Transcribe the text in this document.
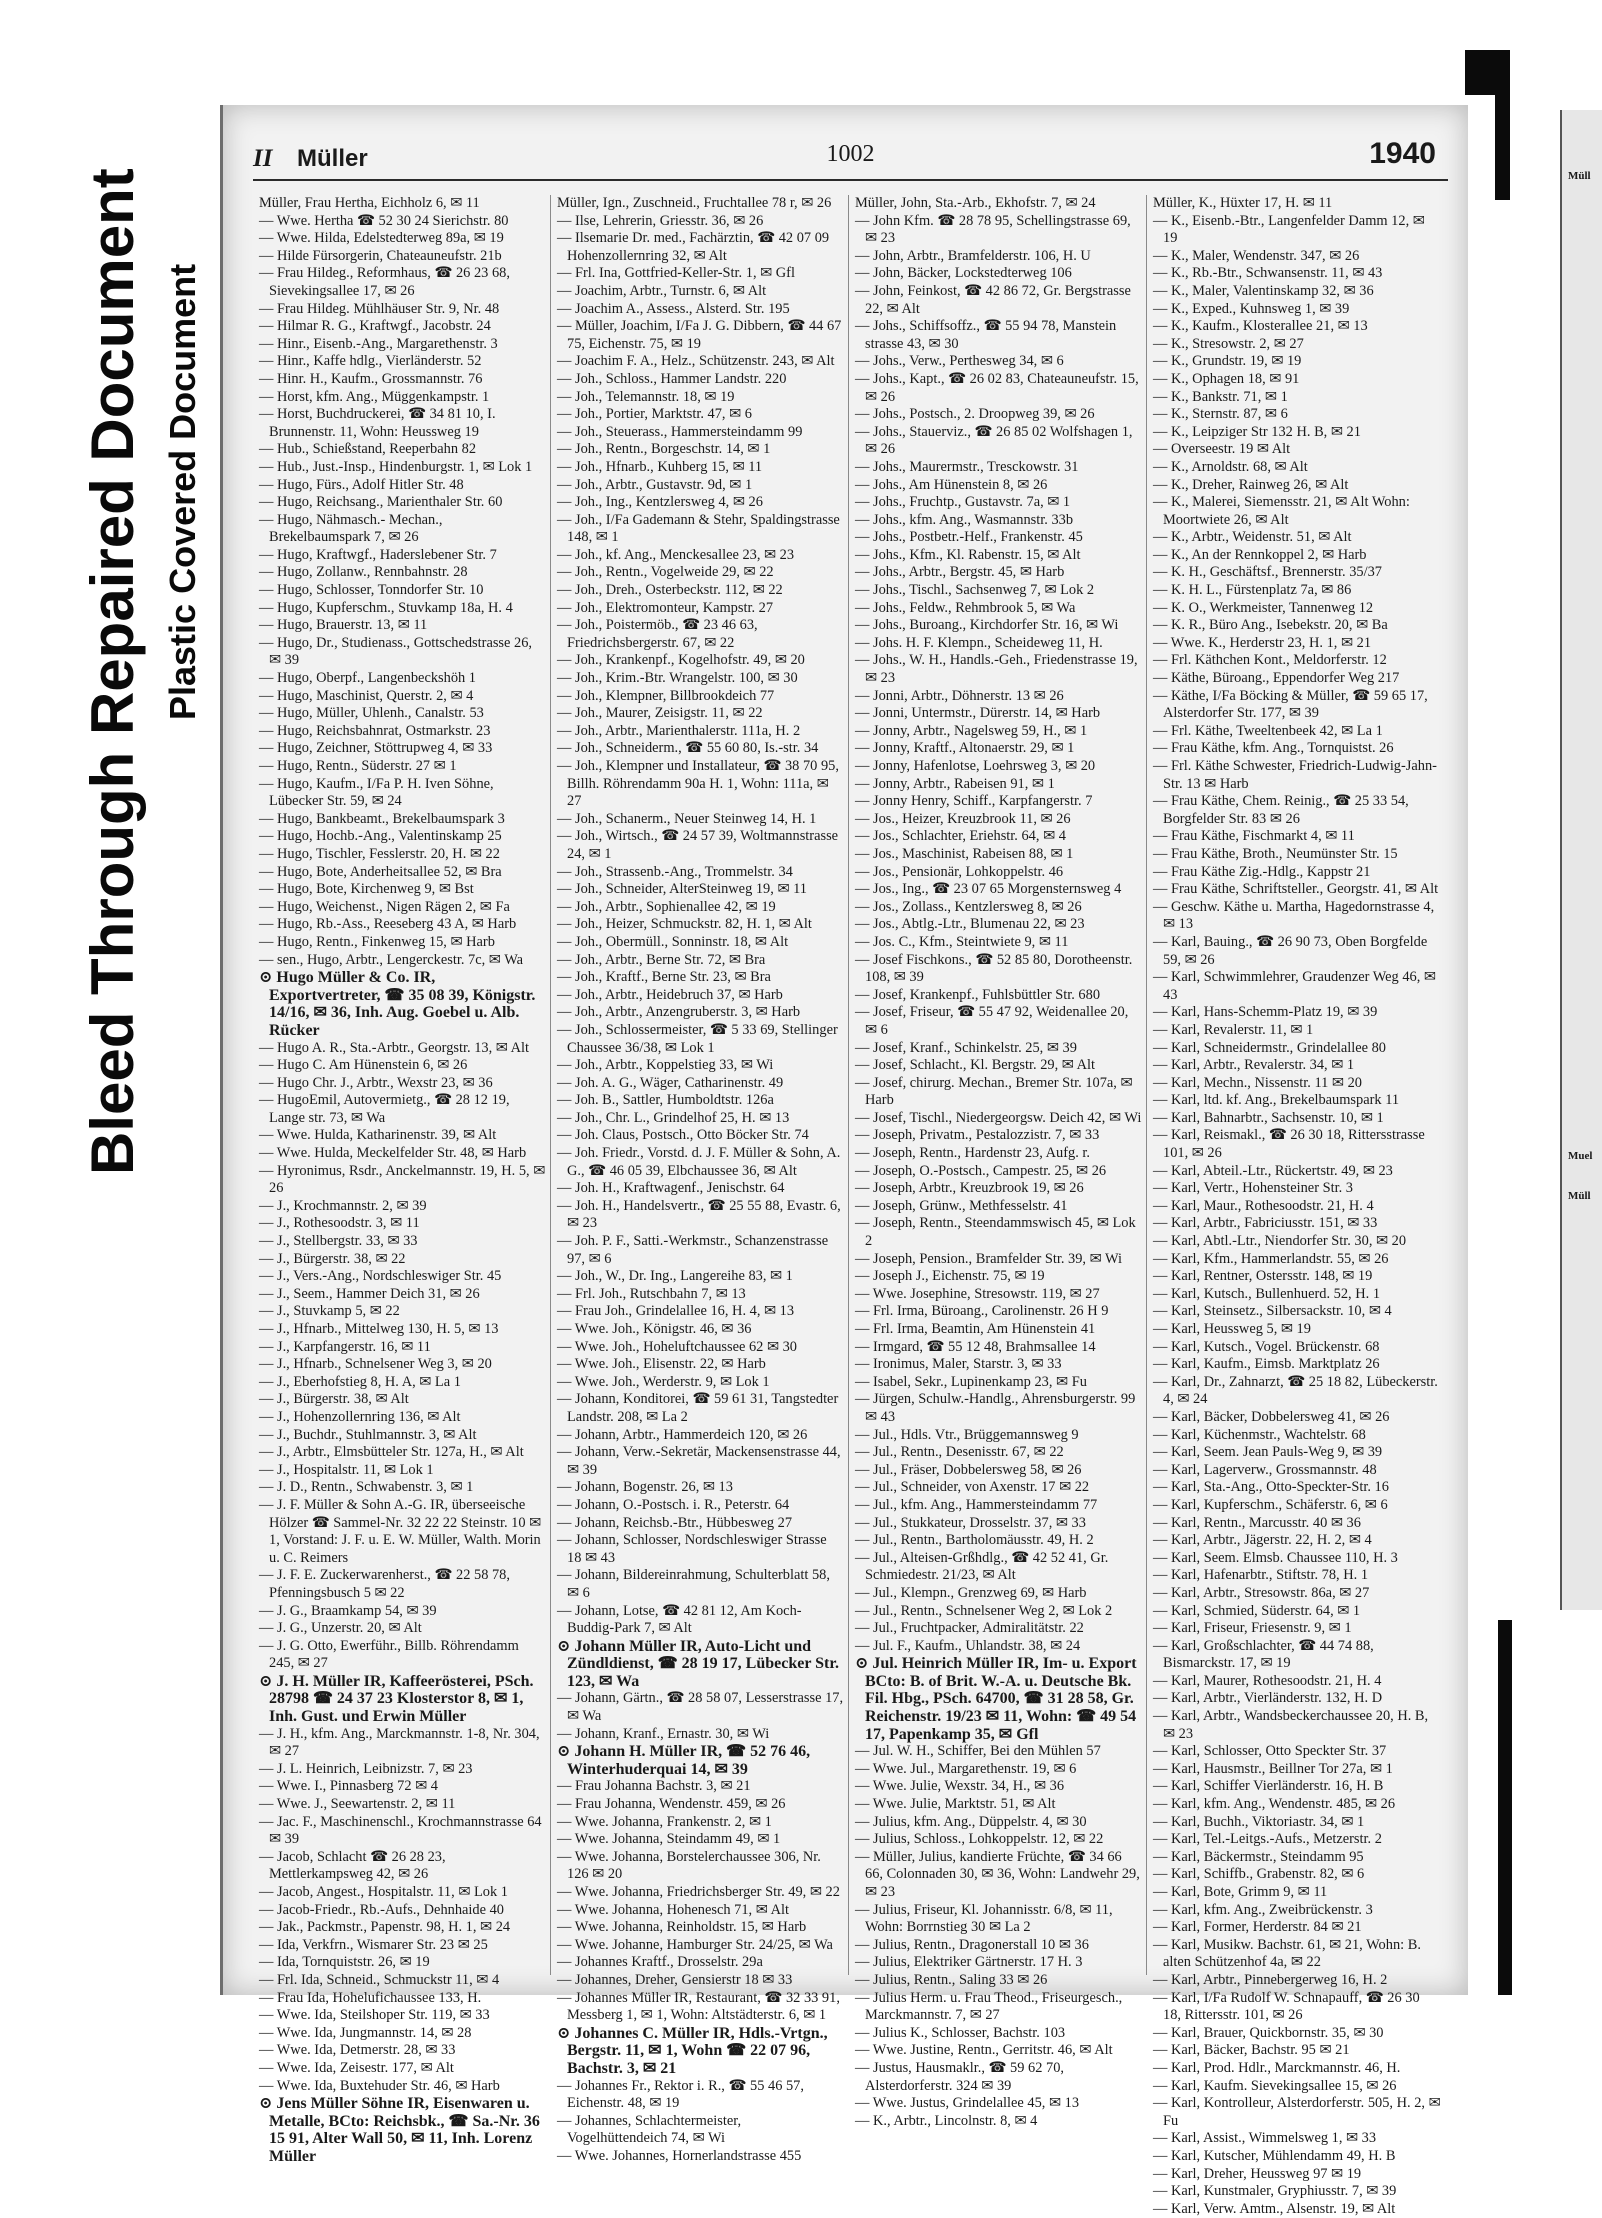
Bleed Through Repaired Document Plastic Covered Document
II Müller	1002	1940

Müller, Frau Hertha, Eichholz 6, ✉ 11

— Wwe. Hertha ☎ 52 30 24 Sierichstr. 80

— Wwe. Hilda, Edelstedterweg 89a, ✉ 19

— Hilde Fürsorgerin, Chateauneufstr. 21b

— Frau Hildeg., Reformhaus, ☎ 26 23 68, Sievekingsallee 17, ✉ 26

— Frau Hildeg. Mühlhäuser Str. 9, Nr. 48

— Hilmar R. G., Kraftwgf., Jacobstr. 24

— Hinr., Eisenb.-Ang., Margarethenstr. 3

— Hinr., Kaffe hdlg., Vierländerstr. 52

— Hinr. H., Kaufm., Grossmannstr. 76

— Horst, kfm. Ang., Müggenkampstr. 1

— Horst, Buchdruckerei, ☎ 34 81 10, I. Brunnenstr. 11, Wohn: Heussweg 19

— Hub., Schießstand, Reeperbahn 82

— Hub., Just.-Insp., Hindenburgstr. 1, ✉ Lok 1

— Hugo, Fürs., Adolf Hitler Str. 48

— Hugo, Reichsang., Marienthaler Str. 60

— Hugo, Nähmasch.- Mechan., Brekelbaumspark 7, ✉ 26

— Hugo, Kraftwgf., Haderslebener Str. 7

— Hugo, Zollanw., Rennbahnstr. 28

— Hugo, Schlosser, Tonndorfer Str. 10

— Hugo, Kupferschm., Stuvkamp 18a, H. 4

— Hugo, Brauerstr. 13, ✉ 11

— Hugo, Dr., Studienass., Gottschedstrasse 26, ✉ 39

— Hugo, Oberpf., Langenbeckshöh 1

— Hugo, Maschinist, Querstr. 2, ✉ 4

— Hugo, Müller, Uhlenh., Canalstr. 53

— Hugo, Reichsbahnrat, Ostmarkstr. 23

— Hugo, Zeichner, Stöttrupweg 4, ✉ 33

— Hugo, Rentn., Süderstr. 27 ✉ 1

— Hugo, Kaufm., I/Fa P. H. Iven Söhne, Lübecker Str. 59, ✉ 24

— Hugo, Bankbeamt., Brekelbaumspark 3

— Hugo, Hochb.-Ang., Valentinskamp 25

— Hugo, Tischler, Fesslerstr. 20, H. ✉ 22

— Hugo, Bote, Anderheitsallee 52, ✉ Bra

— Hugo, Bote, Kirchenweg 9, ✉ Bst

— Hugo, Weichenst., Nigen Rägen 2, ✉ Fa

— Hugo, Rb.-Ass., Reeseberg 43 A, ✉ Harb

— Hugo, Rentn., Finkenweg 15, ✉ Harb

— sen., Hugo, Arbtr., Lengerckestr. 7c, ✉ Wa

⊙ Hugo Müller & Co. IR, Exportvertreter, ☎ 35 08 39, Königstr. 14/16, ✉ 36, Inh. Aug. Goebel u. Alb. Rücker

— Hugo A. R., Sta.-Arbtr., Georgstr. 13, ✉ Alt

— Hugo C. Am Hünenstein 6, ✉ 26

— Hugo Chr. J., Arbtr., Wexstr 23, ✉ 36

— HugoEmil, Autovermietg., ☎ 28 12 19, Lange str. 73, ✉ Wa

— Wwe. Hulda, Katharinenstr. 39, ✉ Alt

— Wwe. Hulda, Meckelfelder Str. 48, ✉ Harb

— Hyronimus, Rsdr., Anckelmannstr. 19, H. 5, ✉ 26

— J., Krochmannstr. 2, ✉ 39

— J., Rothesoodstr. 3, ✉ 11

— J., Stellbergstr. 33, ✉ 33

— J., Bürgerstr. 38, ✉ 22

— J., Vers.-Ang., Nordschleswiger Str. 45

— J., Seem., Hammer Deich 31, ✉ 26

— J., Stuvkamp 5, ✉ 22

— J., Hfnarb., Mittelweg 130, H. 5, ✉ 13

— J., Karpfangerstr. 16, ✉ 11

— J., Hfnarb., Schnelsener Weg 3, ✉ 20

— J., Eberhofstieg 8, H. A, ✉ La 1

— J., Bürgerstr. 38, ✉ Alt

— J., Hohenzollernring 136, ✉ Alt

— J., Buchdr., Stuhlmannstr. 3, ✉ Alt

— J., Arbtr., Elmsbütteler Str. 127a, H., ✉ Alt

— J., Hospitalstr. 11, ✉ Lok 1

— J. D., Rentn., Schwabenstr. 3, ✉ 1

— J. F. Müller & Sohn A.-G. IR, überseeische Hölzer ☎ Sammel-Nr. 32 22 22 Steinstr. 10 ✉ 1, Vorstand: J. F. u. E. W. Müller, Walth. Morin u. C. Reimers

— J. F. E. Zuckerwarenherst., ☎ 22 58 78, Pfenningsbusch 5 ✉ 22

— J. G., Braamkamp 54, ✉ 39

— J. G., Unzerstr. 20, ✉ Alt

— J. G. Otto, Ewerführ., Billb. Röhrendamm 245, ✉ 27

⊙ J. H. Müller IR, Kaffeerösterei, PSch. 28798 ☎ 24 37 23 Klosterstor 8, ✉ 1, Inh. Gust. und Erwin Müller

— J. H., kfm. Ang., Marckmannstr. 1-8, Nr. 304, ✉ 27

— J. L. Heinrich, Leibnizstr. 7, ✉ 23

— Wwe. I., Pinnasberg 72 ✉ 4

— Wwe. J., Seewartenstr. 2, ✉ 11

— Jac. F., Maschinenschl., Krochmannstrasse 64 ✉ 39

— Jacob, Schlacht ☎ 26 28 23, Mettlerkampsweg 42, ✉ 26

— Jacob, Angest., Hospitalstr. 11, ✉ Lok 1

— Jacob-Friedr., Rb.-Aufs., Dehnhaide 40

— Jak., Packmstr., Papenstr. 98, H. 1, ✉ 24

— Ida, Verkfrn., Wismarer Str. 23 ✉ 25

— Ida, Tornquiststr. 26, ✉ 19

— Frl. Ida, Schneid., Schmuckstr 11, ✉ 4

— Frau Ida, Hohelufichaussee 133, H.

— Wwe. Ida, Steilshoper Str. 119, ✉ 33

— Wwe. Ida, Jungmannstr. 14, ✉ 28

— Wwe. Ida, Detmerstr. 28, ✉ 33

— Wwe. Ida, Zeisestr. 177, ✉ Alt

— Wwe. Ida, Buxtehuder Str. 46, ✉ Harb

⊙ Jens Müller Söhne IR, Eisenwaren u. Metalle, BCto: Reichsbk., ☎ Sa.-Nr. 36 15 91, Alter Wall 50, ✉ 11, Inh. Lorenz Müller

Müller, Ign., Zuschneid., Fruchtallee 78 r, ✉ 26

— Ilse, Lehrerin, Griesstr. 36, ✉ 26

— Ilsemarie Dr. med., Fachärztin, ☎ 42 07 09 Hohenzollernring 32, ✉ Alt

— Frl. Ina, Gottfried-Keller-Str. 1, ✉ Gfl

— Joachim, Arbtr., Turnstr. 6, ✉ Alt

— Joachim A., Assess., Alsterd. Str. 195

— Müller, Joachim, I/Fa J. G. Dibbern, ☎ 44 67 75, Eichenstr. 75, ✉ 19

— Joachim F. A., Helz., Schützenstr. 243, ✉ Alt

— Joh., Schloss., Hammer Landstr. 220

— Joh., Telemannstr. 18, ✉ 19

— Joh., Portier, Marktstr. 47, ✉ 6

— Joh., Steuerass., Hammersteindamm 99

— Joh., Rentn., Borgeschstr. 14, ✉ 1

— Joh., Hfnarb., Kuhberg 15, ✉ 11

— Joh., Arbtr., Gustavstr. 9d, ✉ 1

— Joh., Ing., Kentzlersweg 4, ✉ 26

— Joh., I/Fa Gademann & Stehr, Spaldingstrasse 148, ✉ 1

— Joh., kf. Ang., Menckesallee 23, ✉ 23

— Joh., Rentn., Vogelweide 29, ✉ 22

— Joh., Dreh., Osterbeckstr. 112, ✉ 22

— Joh., Elektromonteur, Kampstr. 27

— Joh., Poistermöb., ☎ 23 46 63, Friedrichsbergerstr. 67, ✉ 22

— Joh., Krankenpf., Kogelhofstr. 49, ✉ 20

— Joh., Krim.-Btr. Wrangelstr. 100, ✉ 30

— Joh., Klempner, Billbrookdeich 77

— Joh., Maurer, Zeisigstr. 11, ✉ 22

— Joh., Arbtr., Marienthalerstr. 111a, H. 2

— Joh., Schneiderm., ☎ 55 60 80, Is.-str. 34

— Joh., Klempner und Installateur, ☎ 38 70 95, Billh. Röhrendamm 90a H. 1, Wohn: 111a, ✉ 27

— Joh., Schanerm., Neuer Steinweg 14, H. 1

— Joh., Wirtsch., ☎ 24 57 39, Woltmannstrasse 24, ✉ 1

— Joh., Strassenb.-Ang., Trommelstr. 34

— Joh., Schneider, AlterSteinweg 19, ✉ 11

— Joh., Arbtr., Sophienallee 42, ✉ 19

— Joh., Heizer, Schmuckstr. 82, H. 1, ✉ Alt

— Joh., Obermüll., Sonninstr. 18, ✉ Alt

— Joh., Arbtr., Berne Str. 72, ✉ Bra

— Joh., Kraftf., Berne Str. 23, ✉ Bra

— Joh., Arbtr., Heidebruch 37, ✉ Harb

— Joh., Arbtr., Anzengruberstr. 3, ✉ Harb

— Joh., Schlossermeister, ☎ 5 33 69, Stellinger Chaussee 36/38, ✉ Lok 1

— Joh., Arbtr., Koppelstieg 33, ✉ Wi

— Joh. A. G., Wäger, Catharinenstr. 49

— Joh. B., Sattler, Humboldtstr. 126a

— Joh., Chr. L., Grindelhof 25, H. ✉ 13

— Joh. Claus, Postsch., Otto Böcker Str. 74

— Joh. Friedr., Vorstd. d. J. F. Müller & Sohn, A. G., ☎ 46 05 39, Elbchaussee 36, ✉ Alt

— Joh. H., Kraftwagenf., Jenischstr. 64

— Joh. H., Handelsvertr., ☎ 25 55 88, Evastr. 6, ✉ 23

— Joh. P. F., Satti.-Werkmstr., Schanzenstrasse 97, ✉ 6

— Joh., W., Dr. Ing., Langereihe 83, ✉ 1

— Frl. Joh., Rutschbahn 7, ✉ 13

— Frau Joh., Grindelallee 16, H. 4, ✉ 13

— Wwe. Joh., Königstr. 46, ✉ 36

— Wwe. Joh., Hoheluftchaussee 62 ✉ 30

— Wwe. Joh., Elisenstr. 22, ✉ Harb

— Wwe. Joh., Werderstr. 9, ✉ Lok 1

— Johann, Konditorei, ☎ 59 61 31, Tangstedter Landstr. 208, ✉ La 2

— Johann, Arbtr., Hammerdeich 120, ✉ 26

— Johann, Verw.-Sekretär, Mackensenstrasse 44, ✉ 39

— Johann, Bogenstr. 26, ✉ 13

— Johann, O.-Postsch. i. R., Peterstr. 64

— Johann, Reichsb.-Btr., Hübbesweg 27

— Johann, Schlosser, Nordschleswiger Strasse 18 ✉ 43

— Johann, Bildereinrahmung, Schulterblatt 58, ✉ 6

— Johann, Lotse, ☎ 42 81 12, Am Koch-Buddig-Park 7, ✉ Alt

⊙ Johann Müller IR, Auto-Licht und Zündldienst, ☎ 28 19 17, Lübecker Str. 123, ✉ Wa

— Johann, Gärtn., ☎ 28 58 07, Lesserstrasse 17, ✉ Wa

— Johann, Kranf., Ernastr. 30, ✉ Wi

⊙ Johann H. Müller IR, ☎ 52 76 46, Winterhuderquai 14, ✉ 39

— Frau Johanna Bachstr. 3, ✉ 21

— Frau Johanna, Wendenstr. 459, ✉ 26

— Wwe. Johanna, Frankenstr. 2, ✉ 1

— Wwe. Johanna, Steindamm 49, ✉ 1

— Wwe. Johanna, Borstelerchaussee 306, Nr. 126 ✉ 20

— Wwe. Johanna, Friedrichsberger Str. 49, ✉ 22

— Wwe. Johanna, Hohenesch 71, ✉ Alt

— Wwe. Johanna, Reinholdstr. 15, ✉ Harb

— Wwe. Johanne, Hamburger Str. 24/25, ✉ Wa

— Johannes Kraftf., Drosselstr. 29a

— Johannes, Dreher, Gensierstr 18 ✉ 33

— Johannes Müller IR, Restaurant, ☎ 32 33 91, Messberg 1, ✉ 1, Wohn: Altstädterstr. 6, ✉ 1

⊙ Johannes C. Müller IR, Hdls.-Vrtgn., Bergstr. 11, ✉ 1, Wohn ☎ 22 07 96, Bachstr. 3, ✉ 21

— Johannes Fr., Rektor i. R., ☎ 55 46 57, Eichenstr. 48, ✉ 19

— Johannes, Schlachtermeister, Vogelhüttendeich 74, ✉ Wi

— Wwe. Johannes, Hornerlandstrasse 455

Müller, John, Sta.-Arb., Ekhofstr. 7, ✉ 24

— John Kfm. ☎ 28 78 95, Schellingstrasse 69, ✉ 23

— John, Arbtr., Bramfelderstr. 106, H. U

— John, Bäcker, Lockstedterweg 106

— John, Feinkost, ☎ 42 86 72, Gr. Bergstrasse 22, ✉ Alt

— Johs., Schiffsoffz., ☎ 55 94 78, Manstein strasse 43, ✉ 30

— Johs., Verw., Perthesweg 34, ✉ 6

— Johs., Kapt., ☎ 26 02 83, Chateauneufstr. 15, ✉ 26

— Johs., Postsch., 2. Droopweg 39, ✉ 26

— Johs., Stauerviz., ☎ 26 85 02 Wolfshagen 1, ✉ 26

— Johs., Maurermstr., Tresckowstr. 31

— Johs., Am Hünenstein 8, ✉ 26

— Johs., Fruchtp., Gustavstr. 7a, ✉ 1

— Johs., kfm. Ang., Wasmannstr. 33b

— Johs., Postbetr.-Helf., Frankenstr. 45

— Johs., Kfm., Kl. Rabenstr. 15, ✉ Alt

— Johs., Arbtr., Bergstr. 45, ✉ Harb

— Johs., Tischl., Sachsenweg 7, ✉ Lok 2

— Johs., Feldw., Rehmbrook 5, ✉ Wa

— Johs., Buroang., Kirchdorfer Str. 16, ✉ Wi

— Johs. H. F. Klempn., Scheideweg 11, H.

— Johs., W. H., Handls.-Geh., Friedenstrasse 19, ✉ 23

— Jonni, Arbtr., Döhnerstr. 13 ✉ 26

— Jonni, Untermstr., Dürerstr. 14, ✉ Harb

— Jonny, Arbtr., Nagelsweg 59, H., ✉ 1

— Jonny, Kraftf., Altonaerstr. 29, ✉ 1

— Jonny, Hafenlotse, Loehrsweg 3, ✉ 20

— Jonny, Arbtr., Rabeisen 91, ✉ 1

— Jonny Henry, Schiff., Karpfangerstr. 7

— Jos., Heizer, Kreuzbrook 11, ✉ 26

— Jos., Schlachter, Eriehstr. 64, ✉ 4

— Jos., Maschinist, Rabeisen 88, ✉ 1

— Jos., Pensionär, Lohkoppelstr. 46

— Jos., Ing., ☎ 23 07 65 Morgensternsweg 4

— Jos., Zollass., Kentzlersweg 8, ✉ 26

— Jos., Abtlg.-Ltr., Blumenau 22, ✉ 23

— Jos. C., Kfm., Steintwiete 9, ✉ 11

— Josef Fischkons., ☎ 52 85 80, Dorotheenstr. 108, ✉ 39

— Josef, Krankenpf., Fuhlsbüttler Str. 680

— Josef, Friseur, ☎ 55 47 92, Weidenallee 20, ✉ 6

— Josef, Kranf., Schinkelstr. 25, ✉ 39

— Josef, Schlacht., Kl. Bergstr. 29, ✉ Alt

— Josef, chirurg. Mechan., Bremer Str. 107a, ✉ Harb

— Josef, Tischl., Niedergeorgsw. Deich 42, ✉ Wi

— Joseph, Privatm., Pestalozzistr. 7, ✉ 33

— Joseph, Rentn., Hardenstr 23, Aufg. r.

— Joseph, O.-Postsch., Campestr. 25, ✉ 26

— Joseph, Arbtr., Kreuzbrook 19, ✉ 26

— Joseph, Grünw., Methfesselstr. 41

— Joseph, Rentn., Steendammswisch 45, ✉ Lok 2

— Joseph, Pension., Bramfelder Str. 39, ✉ Wi

— Joseph J., Eichenstr. 75, ✉ 19

— Wwe. Josephine, Stresowstr. 119, ✉ 27

— Frl. Irma, Büroang., Carolinenstr. 26 H 9

— Frl. Irma, Beamtin, Am Hünenstein 41

— Irmgard, ☎ 55 12 48, Brahmsallee 14

— Ironimus, Maler, Starstr. 3, ✉ 33

— Isabel, Sekr., Lupinenkamp 23, ✉ Fu

— Jürgen, Schulw.-Handlg., Ahrensburgerstr. 99 ✉ 43

— Jul., Hdls. Vtr., Brüggemannsweg 9

— Jul., Rentn., Desenisstr. 67, ✉ 22

— Jul., Fräser, Dobbelersweg 58, ✉ 26

— Jul., Schneider, von Axenstr. 17 ✉ 22

— Jul., kfm. Ang., Hammersteindamm 77

— Jul., Stukkateur, Drosselstr. 37, ✉ 33

— Jul., Rentn., Bartholomäusstr. 49, H. 2

— Jul., Alteisen-Grßhdlg., ☎ 42 52 41, Gr. Schmiedestr. 21/23, ✉ Alt

— Jul., Klempn., Grenzweg 69, ✉ Harb

— Jul., Rentn., Schnelsener Weg 2, ✉ Lok 2

— Jul., Fruchtpacker, Admiralitätstr. 22

— Jul. F., Kaufm., Uhlandstr. 38, ✉ 24

⊙ Jul. Heinrich Müller IR, Im- u. Export BCto: B. of Brit. W.-A. u. Deutsche Bk. Fil. Hbg., PSch. 64700, ☎ 31 28 58, Gr. Reichenstr. 19/23 ✉ 11, Wohn: ☎ 49 54 17, Papenkamp 35, ✉ Gfl

— Jul. W. H., Schiffer, Bei den Mühlen 57

— Wwe. Jul., Margarethenstr. 19, ✉ 6

— Wwe. Julie, Wexstr. 34, H., ✉ 36

— Wwe. Julie, Marktstr. 51, ✉ Alt

— Julius, kfm. Ang., Düppelstr. 4, ✉ 30

— Julius, Schloss., Lohkoppelstr. 12, ✉ 22

— Müller, Julius, kandierte Früchte, ☎ 34 66 66, Colonnaden 30, ✉ 36, Wohn: Landwehr 29, ✉ 23

— Julius, Friseur, Kl. Johannisstr. 6/8, ✉ 11, Wohn: Borrnstieg 30 ✉ La 2

— Julius, Rentn., Dragonerstall 10 ✉ 36

— Julius, Elektriker Gärtnerstr. 17 H. 3

— Julius, Rentn., Saling 33 ✉ 26

— Julius Herm. u. Frau Theod., Friseurgesch., Marckmannstr. 7, ✉ 27

— Julius K., Schlosser, Bachstr. 103

— Wwe. Justine, Rentn., Gerritstr. 46, ✉ Alt

— Justus, Hausmaklr., ☎ 59 62 70, Alsterdorferstr. 324 ✉ 39

— Wwe. Justus, Grindelallee 45, ✉ 13

— K., Arbtr., Lincolnstr. 8, ✉ 4

Müller, K., Hüxter 17, H. ✉ 11

— K., Eisenb.-Btr., Langenfelder Damm 12, ✉ 19

— K., Maler, Wendenstr. 347, ✉ 26

— K., Rb.-Btr., Schwansenstr. 11, ✉ 43

— K., Maler, Valentinskamp 32, ✉ 36

— K., Exped., Kuhnsweg 1, ✉ 39

— K., Kaufm., Klosterallee 21, ✉ 13

— K., Stresowstr. 2, ✉ 27

— K., Grundstr. 19, ✉ 19

— K., Ophagen 18, ✉ 91

— K., Bankstr. 71, ✉ 1

— K., Sternstr. 87, ✉ 6

— K., Leipziger Str 132 H. B, ✉ 21

— Overseestr. 19 ✉ Alt

— K., Arnoldstr. 68, ✉ Alt

— K., Dreher, Rainweg 26, ✉ Alt

— K., Malerei, Siemensstr. 21, ✉ Alt Wohn: Moortwiete 26, ✉ Alt

— K., Arbtr., Weidenstr. 51, ✉ Alt

— K., An der Rennkoppel 2, ✉ Harb

— K. H., Geschäftsf., Brennerstr. 35/37

— K. H. L., Fürstenplatz 7a, ✉ 86

— K. O., Werkmeister, Tannenweg 12

— K. R., Büro Ang., Isebekstr. 20, ✉ Ba

— Wwe. K., Herderstr 23, H. 1, ✉ 21

— Frl. Käthchen Kont., Meldorferstr. 12

— Käthe, Büroang., Eppendorfer Weg 217

— Käthe, I/Fa Böcking & Müller, ☎ 59 65 17, Alsterdorfer Str. 177, ✉ 39

— Frl. Käthe, Tweeltenbeek 42, ✉ La 1

— Frau Käthe, kfm. Ang., Tornquistst. 26

— Frl. Käthe Schwester, Friedrich-Ludwig-Jahn-Str. 13 ✉ Harb

— Frau Käthe, Chem. Reinig., ☎ 25 33 54, Borgfelder Str. 83 ✉ 26

— Frau Käthe, Fischmarkt 4, ✉ 11

— Frau Käthe, Broth., Neumünster Str. 15

— Frau Käthe Zig.-Hdlg., Kappstr 21

— Frau Käthe, Schriftsteller., Georgstr. 41, ✉ Alt

— Geschw. Käthe u. Martha, Hagedornstrasse 4, ✉ 13

— Karl, Bauing., ☎ 26 90 73, Oben Borgfelde 59, ✉ 26

— Karl, Schwimmlehrer, Graudenzer Weg 46, ✉ 43

— Karl, Hans-Schemm-Platz 19, ✉ 39

— Karl, Revalerstr. 11, ✉ 1

— Karl, Schneidermstr., Grindelallee 80

— Karl, Arbtr., Revalerstr. 34, ✉ 1

— Karl, Mechn., Nissenstr. 11 ✉ 20

— Karl, ltd. kf. Ang., Brekelbaumspark 11

— Karl, Bahnarbtr., Sachsenstr. 10, ✉ 1

— Karl, Reismakl., ☎ 26 30 18, Rittersstrasse 101, ✉ 26

— Karl, Abteil.-Ltr., Rückertstr. 49, ✉ 23

— Karl, Vertr., Hohensteiner Str. 3

— Karl, Maur., Rothesoodstr. 21, H. 4

— Karl, Arbtr., Fabriciusstr. 151, ✉ 33

— Karl, Abtl.-Ltr., Niendorfer Str. 30, ✉ 20

— Karl, Kfm., Hammerlandstr. 55, ✉ 26

— Karl, Rentner, Ostersstr. 148, ✉ 19

— Karl, Kutsch., Bullenhuerd. 52, H. 1

— Karl, Steinsetz., Silbersackstr. 10, ✉ 4

— Karl, Heussweg 5, ✉ 19

— Karl, Kutsch., Vogel. Brückenstr. 68

— Karl, Kaufm., Eimsb. Marktplatz 26

— Karl, Dr., Zahnarzt, ☎ 25 18 82, Lübeckerstr. 4, ✉ 24

— Karl, Bäcker, Dobbelersweg 41, ✉ 26

— Karl, Küchenmstr., Wachtelstr. 68

— Karl, Seem. Jean Pauls-Weg 9, ✉ 39

— Karl, Lagerverw., Grossmannstr. 48

— Karl, Sta.-Ang., Otto-Speckter-Str. 16

— Karl, Kupferschm., Schäferstr. 6, ✉ 6

— Karl, Rentn., Marcusstr. 40 ✉ 36

— Karl, Arbtr., Jägerstr. 22, H. 2, ✉ 4

— Karl, Seem. Elmsb. Chaussee 110, H. 3

— Karl, Hafenarbtr., Stiftstr. 78, H. 1

— Karl, Arbtr., Stresowstr. 86a, ✉ 27

— Karl, Schmied, Süderstr. 64, ✉ 1

— Karl, Friseur, Friesenstr. 9, ✉ 1

— Karl, Großschlachter, ☎ 44 74 88, Bismarckstr. 17, ✉ 19

— Karl, Maurer, Rothesoodstr. 21, H. 4

— Karl, Arbtr., Vierländerstr. 132, H. D

— Karl, Arbtr., Wandsbeckerchaussee 20, H. B, ✉ 23

— Karl, Schlosser, Otto Speckter Str. 37

— Karl, Hausmstr., Beillner Tor 27a, ✉ 1

— Karl, Schiffer Vierländerstr. 16, H. B

— Karl, kfm. Ang., Wendenstr. 485, ✉ 26

— Karl, Buchh., Viktoriastr. 34, ✉ 1

— Karl, Tel.-Leitgs.-Aufs., Metzerstr. 2

— Karl, Bäckermstr., Steindamm 95

— Karl, Schiffb., Grabenstr. 82, ✉ 6

— Karl, Bote, Grimm 9, ✉ 11

— Karl, kfm. Ang., Zweibrückenstr. 3

— Karl, Former, Herderstr. 84 ✉ 21

— Karl, Musikw. Bachstr. 61, ✉ 21, Wohn: B. alten Schützenhof 4a, ✉ 22

— Karl, Arbtr., Pinnebergerweg 16, H. 2

— Karl, I/Fa Rudolf W. Schnapauff, ☎ 26 30 18, Rittersstr. 101, ✉ 26

— Karl, Brauer, Quickbornstr. 35, ✉ 30

— Karl, Bäcker, Bachstr. 95 ✉ 21

— Karl, Prod. Hdlr., Marckmannstr. 46, H.

— Karl, Kaufm. Sievekingsallee 15, ✉ 26

— Karl, Kontrolleur, Alsterdorferstr. 505, H. 2, ✉ Fu

— Karl, Assist., Wimmelsweg 1, ✉ 33

— Karl, Kutscher, Mühlendamm 49, H. B

— Karl, Dreher, Heussweg 97 ✉ 19

— Karl, Kunstmaler, Gryphiusstr. 7, ✉ 39

— Karl, Verw. Amtm., Alsenstr. 19, ✉ Alt

Müll
Muel
Müll
